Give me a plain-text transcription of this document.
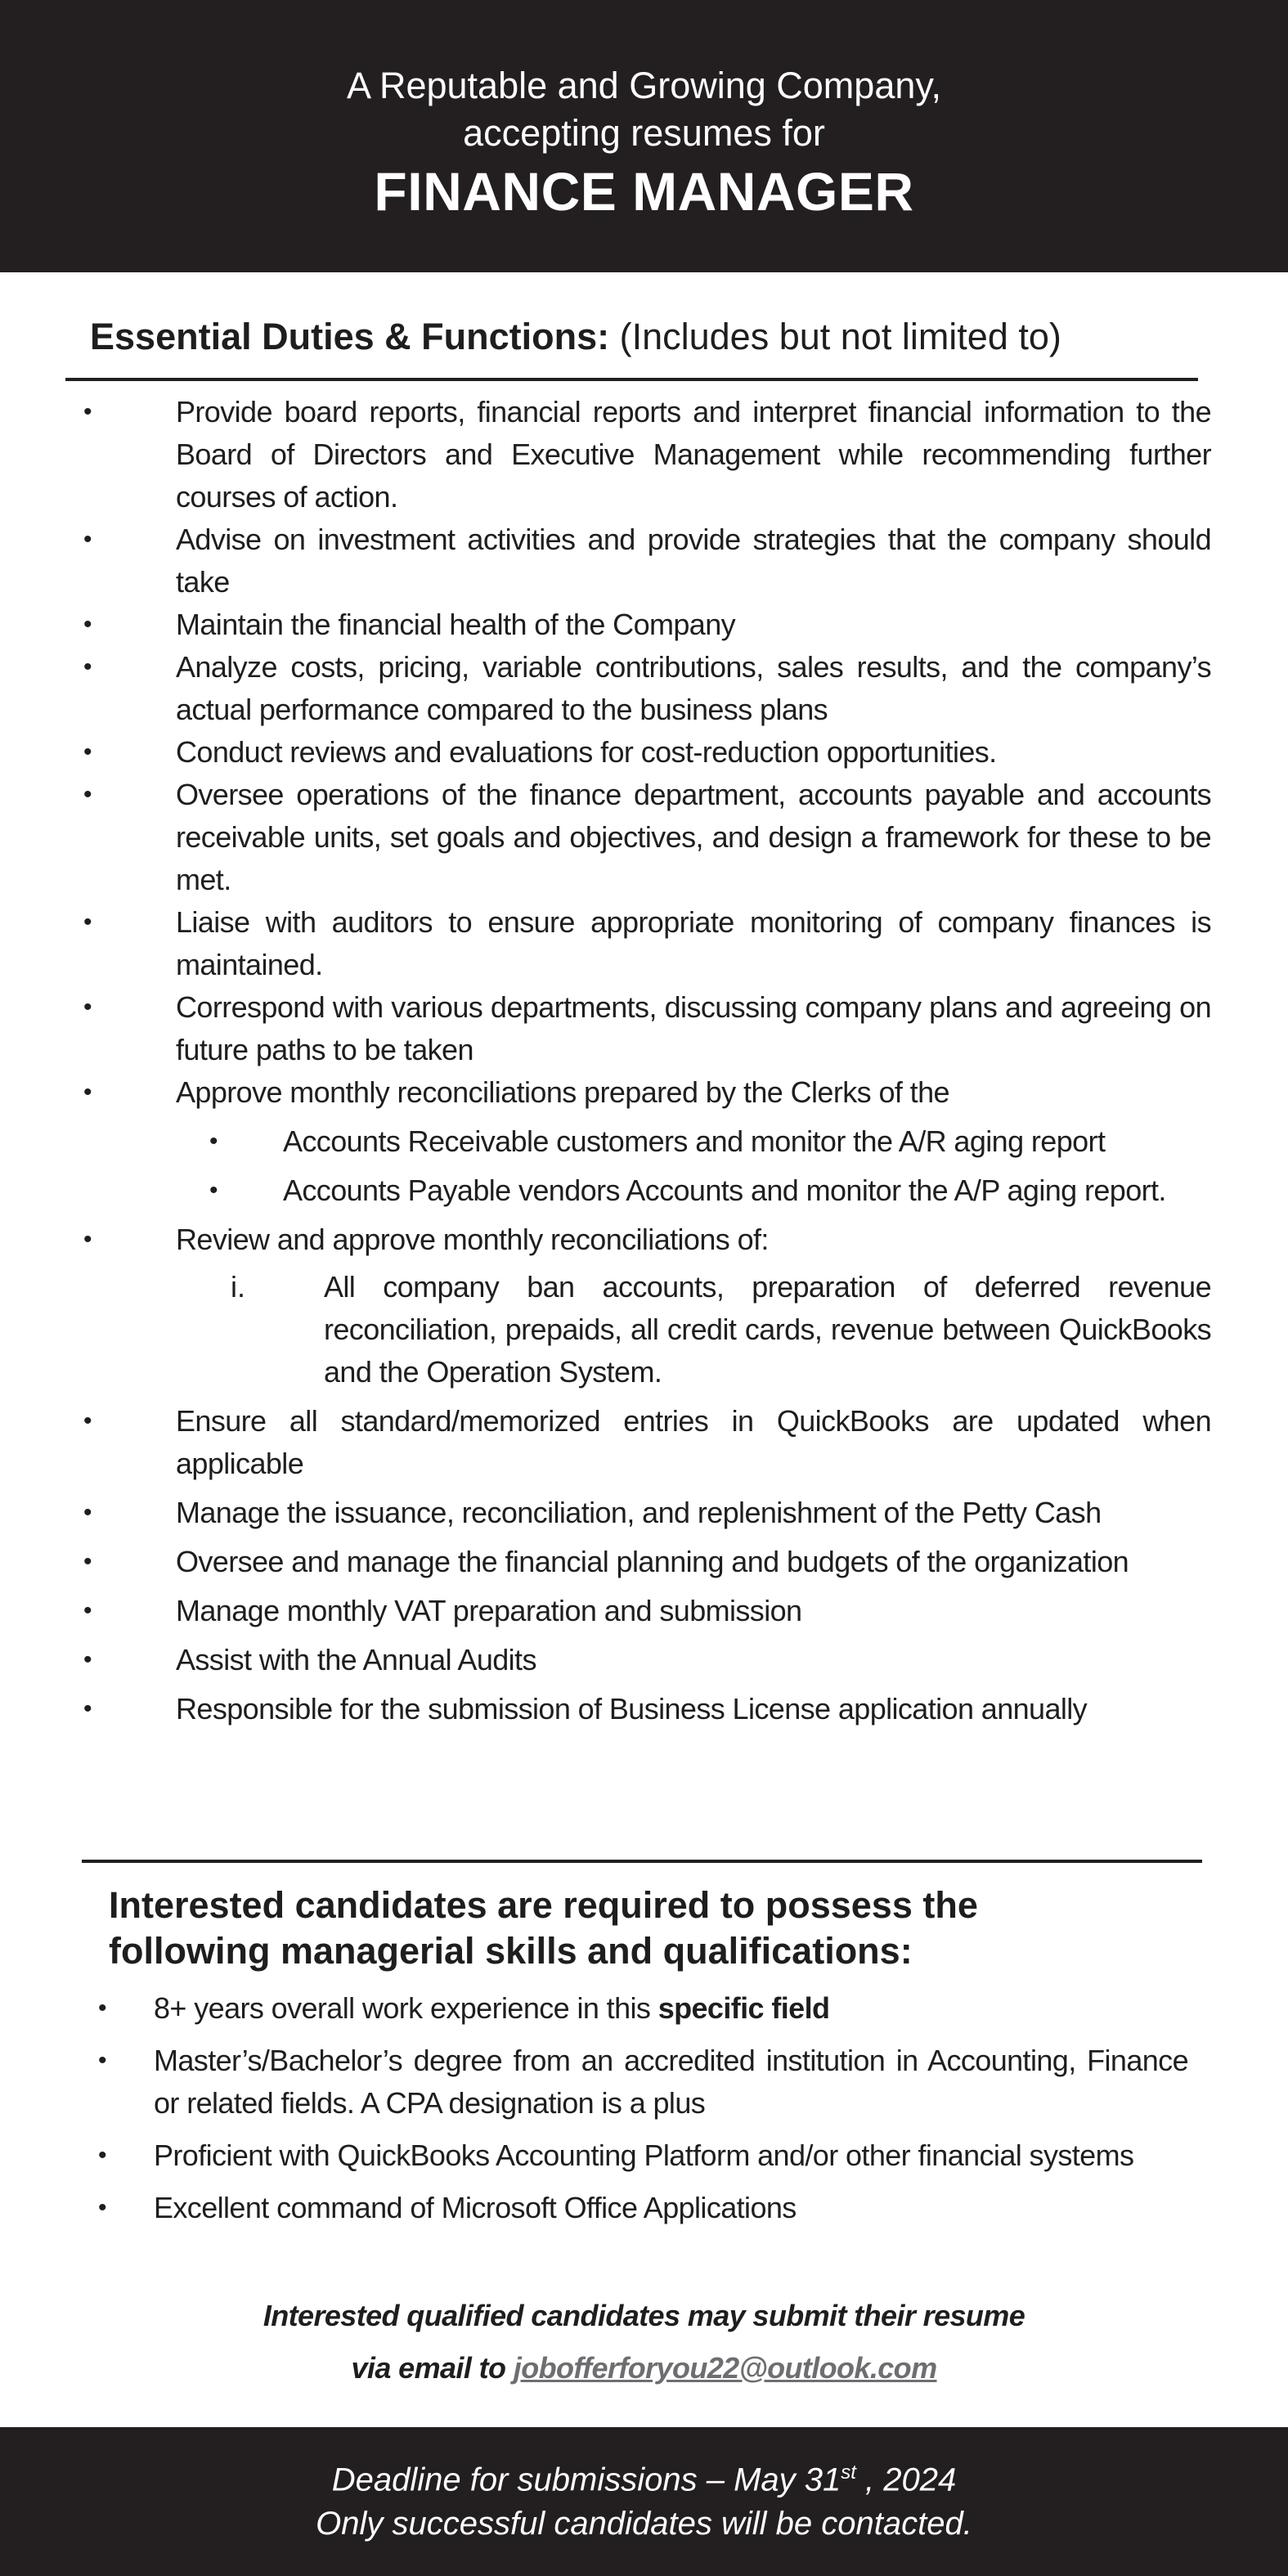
A Reputable and Growing Company,
accepting resumes for
FINANCE MANAGER
Essential Duties & Functions: (Includes but not limited to)
•	Provide board reports, financial reports and interpret financial information to the Board of Directors and Executive Management while recommending further courses of action.
•	Advise on investment activities and provide strategies that the company should take
•	Maintain the financial health of the Company
•	Analyze costs, pricing, variable contributions, sales results, and the company’s actual performance compared to the business plans
•	Conduct reviews and evaluations for cost-reduction opportunities.
•	Oversee operations of the finance department, accounts payable and accounts receivable units, set goals and objectives, and design a framework for these to be met.
•	Liaise with auditors to ensure appropriate monitoring of company finances is maintained.
•	Correspond with various departments, discussing company plans and agreeing on future paths to be taken
•	Approve monthly reconciliations prepared by the Clerks of the
• Accounts Receivable customers and monitor the A/R aging report
• Accounts Payable vendors Accounts and monitor the A/P aging report.
•	Review and approve monthly reconciliations of:
i.	All company ban accounts, preparation of deferred revenue reconciliation, prepaids, all credit cards, revenue between QuickBooks and the Operation System.
•	Ensure all standard/memorized entries in QuickBooks are updated when applicable
•	Manage the issuance, reconciliation, and replenishment of the Petty Cash
•	Oversee and manage the financial planning and budgets of the organization
•	Manage monthly VAT preparation and submission
•	Assist with the Annual Audits
•	Responsible for the submission of Business License application annually
Interested candidates are required to possess the
following managerial skills and qualifications:
• 8+ years overall work experience in this specific field
• Master’s/Bachelor’s degree from an accredited institution in Accounting, Finance or related fields. A CPA designation is a plus
• Proficient with QuickBooks Accounting Platform and/or other financial systems
• Excellent command of Microsoft Office Applications
Interested qualified candidates may submit their resume
via email to jobofferforyou22@outlook.com
Deadline for submissions – May 31st , 2024
Only successful candidates will be contacted.
